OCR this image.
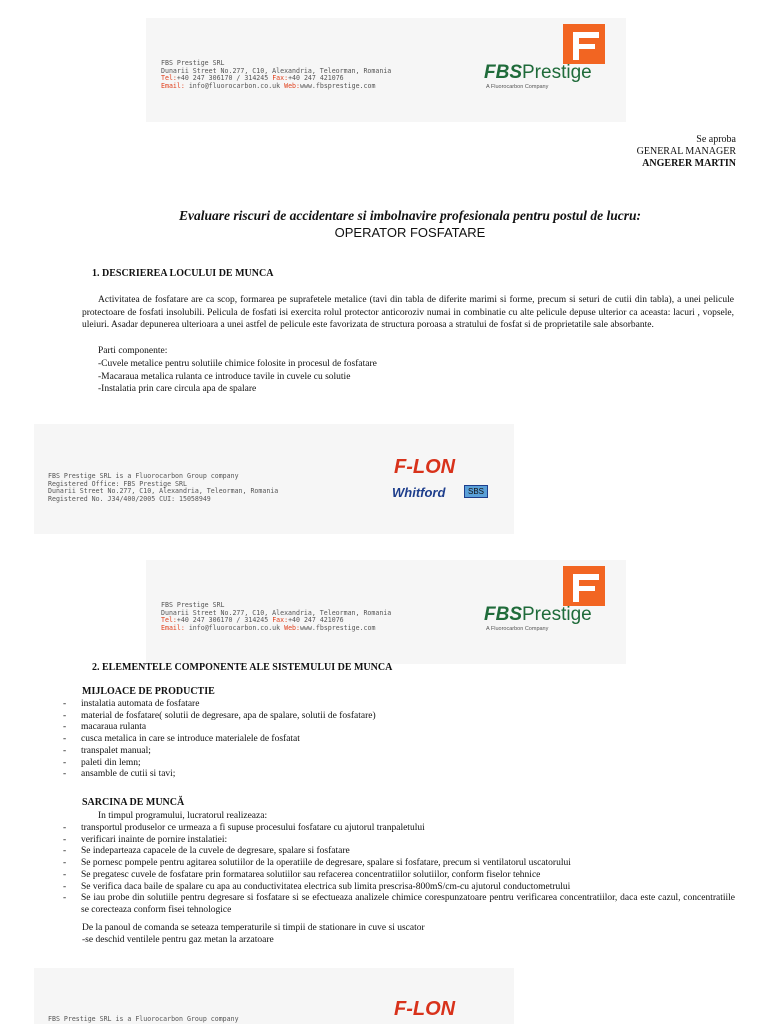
FBS Prestige SRL
Dunarii Street No.277, C10, Alexandria, Teleorman, Romania
Tel:+40 247 306170 / 314245 Fax:+40 247 421076
Email: info@fluorocarbon.co.uk Web:www.fbsprestige.com
FBSPrestige
A Fluorocarbon Company
Se aproba
GENERAL MANAGER
ANGERER MARTIN
Evaluare riscuri de accidentare si imbolnavire profesionala pentru postul de lucru:
OPERATOR FOSFATARE
1. DESCRIEREA LOCULUI DE MUNCA
Activitatea de fosfatare are ca scop, formarea pe suprafetele metalice (tavi din tabla de diferite marimi si forme, precum si seturi de cutii din tabla), a unei pelicule protectoare de fosfati insolubili. Pelicula de fosfati isi exercita rolul protector anticoroziv numai in combinatie cu alte pelicule depuse ulterior ca aceasta: lacuri , vopsele, uleiuri. Asadar depunerea ulterioara a unei astfel de pelicule este favorizata de structura poroasa a stratului de fosfat si de proprietatile sale absorbante.
Parti componente:
-Cuvele metalice pentru solutiile chimice folosite in procesul de fosfatare
-Macaraua metalica rulanta ce introduce tavile in cuvele cu solutie
-Instalatia prin care circula apa de spalare
FBS Prestige SRL is a Fluorocarbon Group company
Registered Office: FBS Prestige SRL
Dunarii Street No.277, C10, Alexandria, Teleorman, Romania
Registered No. J34/400/2005 CUI: 15058949
F-LON
Whitford	SBS
FBS Prestige SRL
Dunarii Street No.277, C10, Alexandria, Teleorman, Romania
Tel:+40 247 306170 / 314245 Fax:+40 247 421076
Email: info@fluorocarbon.co.uk Web:www.fbsprestige.com
FBSPrestige
A Fluorocarbon Company
2. ELEMENTELE COMPONENTE ALE SISTEMULUI DE MUNCA
MIJLOACE DE PRODUCTIE
- instalatia automata de fosfatare
- material de fosfatare( solutii de degresare, apa de spalare, solutii de fosfatare)
- macaraua rulanta
- cusca metalica in care se introduce materialele de fosfatat
- transpalet manual;
- paleti din lemn;
- ansamble de cutii si tavi;
SARCINA DE MUNCĂ
In timpul programului, lucratorul realizeaza:
- transportul produselor ce urmeaza a fi supuse procesului fosfatare cu ajutorul tranpaletului
- verificari inainte de pornire instalatiei:
- Se indeparteaza capacele de la cuvele de degresare, spalare si fosfatare
- Se pornesc pompele pentru agitarea solutiilor de la operatiile de degresare, spalare si fosfatare, precum si ventilatorul uscatorului
- Se pregatesc cuvele de fosfatare prin formatarea solutiilor sau refacerea concentratiilor solutiilor, conform fiselor tehnice
- Se verifica daca baile de spalare cu apa au conductivitatea electrica sub limita prescrisa-800mS/cm-cu ajutorul conductometrului
- Se iau probe din solutiile pentru degresare si fosfatare si se efectueaza analizele chimice corespunzatoare pentru verificarea concentratiilor, daca este cazul, concentratiile se corecteaza conform fisei tehnologice
De la panoul de comanda se seteaza temperaturile si timpii de stationare in cuve si uscator
-se deschid ventilele pentru gaz metan la arzatoare
FBS Prestige SRL is a Fluorocarbon Group company	F-LON
